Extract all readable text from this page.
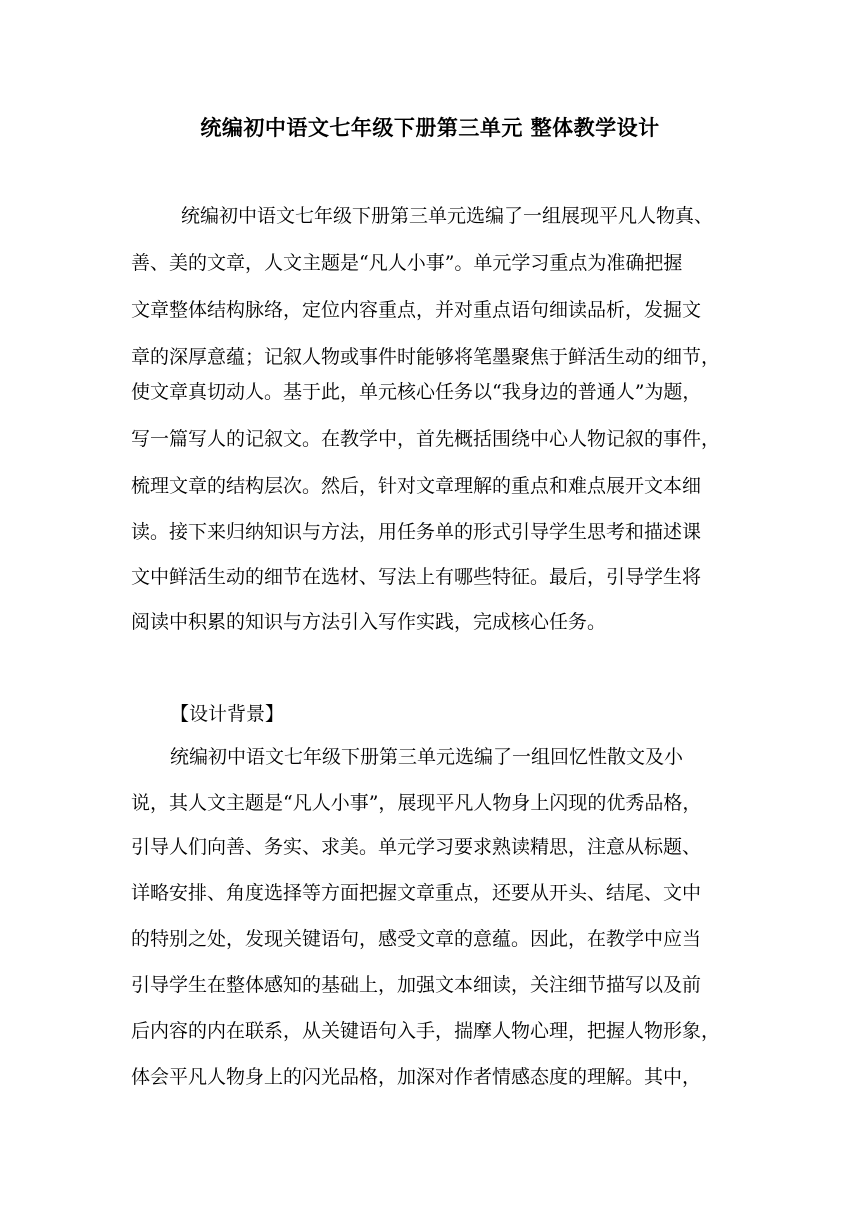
统编初中语文七年级下册第三单元 整体教学设计
　统编初中语文七年级下册第三单元选编了一组展现平凡人物真、
善、美的文章，人文主题是“凡人小事”。单元学习重点为准确把握
文章整体结构脉络，定位内容重点，并对重点语句细读品析，发掘文
章的深厚意蕴；记叙人物或事件时能够将笔墨聚焦于鲜活生动的细节，
使文章真切动人。基于此，单元核心任务以“我身边的普通人”为题，
写一篇写人的记叙文。在教学中，首先概括围绕中心人物记叙的事件，
梳理文章的结构层次。然后，针对文章理解的重点和难点展开文本细
读。接下来归纳知识与方法，用任务单的形式引导学生思考和描述课
文中鲜活生动的细节在选材、写法上有哪些特征。最后，引导学生将
阅读中积累的知识与方法引入写作实践，完成核心任务。
【设计背景】
统编初中语文七年级下册第三单元选编了一组回忆性散文及小
说，其人文主题是“凡人小事”，展现平凡人物身上闪现的优秀品格，
引导人们向善、务实、求美。单元学习要求熟读精思，注意从标题、
详略安排、角度选择等方面把握文章重点，还要从开头、结尾、文中
的特别之处，发现关键语句，感受文章的意蕴。因此，在教学中应当
引导学生在整体感知的基础上，加强文本细读，关注细节描写以及前
后内容的内在联系，从关键语句入手，揣摩人物心理，把握人物形象，
体会平凡人物身上的闪光品格，加深对作者情感态度的理解。其中，
